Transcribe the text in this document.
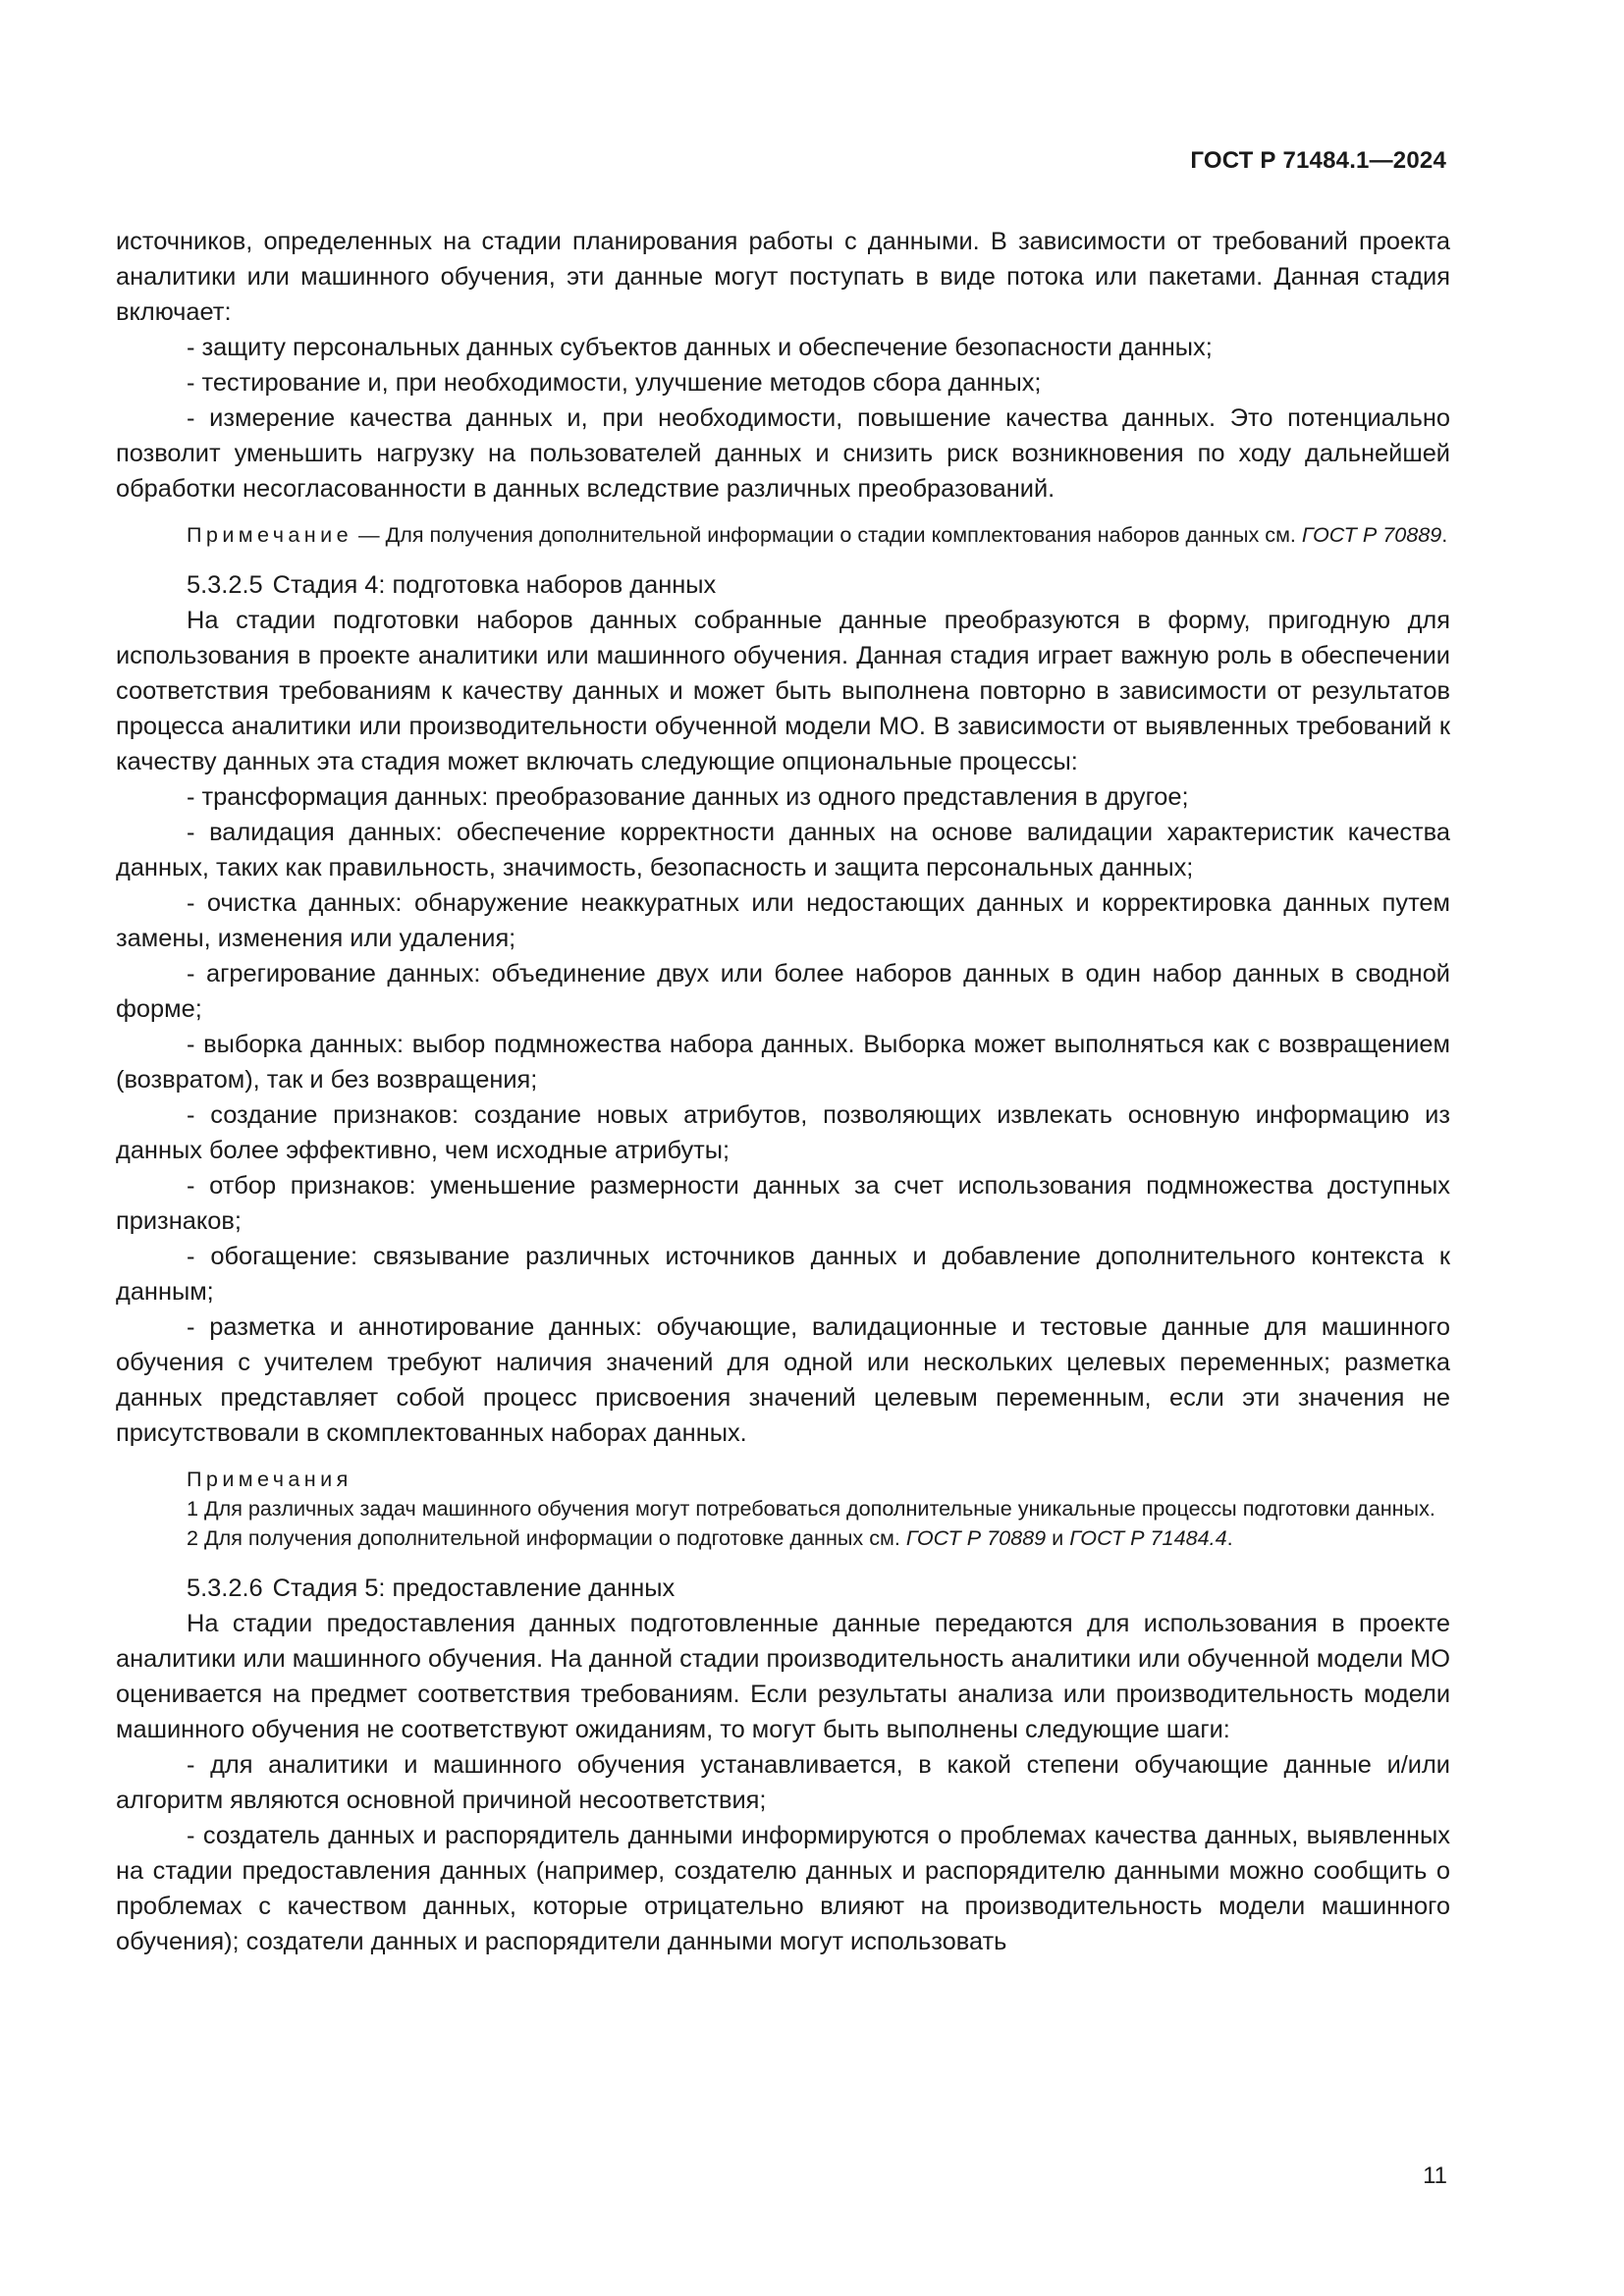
ГОСТ Р 71484.1—2024

источников, определенных на стадии планирования работы с данными. В зависимости от требований проекта аналитики или машинного обучения, эти данные могут поступать в виде потока или пакетами. Данная стадия включает:

- защиту персональных данных субъектов данных и обеспечение безопасности данных;

- тестирование и, при необходимости, улучшение методов сбора данных;

- измерение качества данных и, при необходимости, повышение качества данных. Это потенциально позволит уменьшить нагрузку на пользователей данных и снизить риск возникновения по ходу дальнейшей обработки несогласованности в данных вследствие различных преобразований.

Примечание — Для получения дополнительной информации о стадии комплектования наборов данных см. ГОСТ Р 70889.

5.3.2.5 Стадия 4: подготовка наборов данных

На стадии подготовки наборов данных собранные данные преобразуются в форму, пригодную для использования в проекте аналитики или машинного обучения. Данная стадия играет важную роль в обеспечении соответствия требованиям к качеству данных и может быть выполнена повторно в зависимости от результатов процесса аналитики или производительности обученной модели МО. В зависимости от выявленных требований к качеству данных эта стадия может включать следующие опциональные процессы:

- трансформация данных: преобразование данных из одного представления в другое;

- валидация данных: обеспечение корректности данных на основе валидации характеристик качества данных, таких как правильность, значимость, безопасность и защита персональных данных;

- очистка данных: обнаружение неаккуратных или недостающих данных и корректировка данных путем замены, изменения или удаления;

- агрегирование данных: объединение двух или более наборов данных в один набор данных в сводной форме;

- выборка данных: выбор подмножества набора данных. Выборка может выполняться как с возвращением (возвратом), так и без возвращения;

- создание признаков: создание новых атрибутов, позволяющих извлекать основную информацию из данных более эффективно, чем исходные атрибуты;

- отбор признаков: уменьшение размерности данных за счет использования подмножества доступных признаков;

- обогащение: связывание различных источников данных и добавление дополнительного контекста к данным;

- разметка и аннотирование данных: обучающие, валидационные и тестовые данные для машинного обучения с учителем требуют наличия значений для одной или нескольких целевых переменных; разметка данных представляет собой процесс присвоения значений целевым переменным, если эти значения не присутствовали в скомплектованных наборах данных.

Примечания

1 Для различных задач машинного обучения могут потребоваться дополнительные уникальные процессы подготовки данных.

2 Для получения дополнительной информации о подготовке данных см. ГОСТ Р 70889 и ГОСТ Р 71484.4.

5.3.2.6 Стадия 5: предоставление данных

На стадии предоставления данных подготовленные данные передаются для использования в проекте аналитики или машинного обучения. На данной стадии производительность аналитики или обученной модели МО оценивается на предмет соответствия требованиям. Если результаты анализа или производительность модели машинного обучения не соответствуют ожиданиям, то могут быть выполнены следующие шаги:

- для аналитики и машинного обучения устанавливается, в какой степени обучающие данные и/или алгоритм являются основной причиной несоответствия;

- создатель данных и распорядитель данными информируются о проблемах качества данных, выявленных на стадии предоставления данных (например, создателю данных и распорядителю данными можно сообщить о проблемах с качеством данных, которые отрицательно влияют на производительность модели машинного обучения); создатели данных и распорядители данными могут использовать

11
